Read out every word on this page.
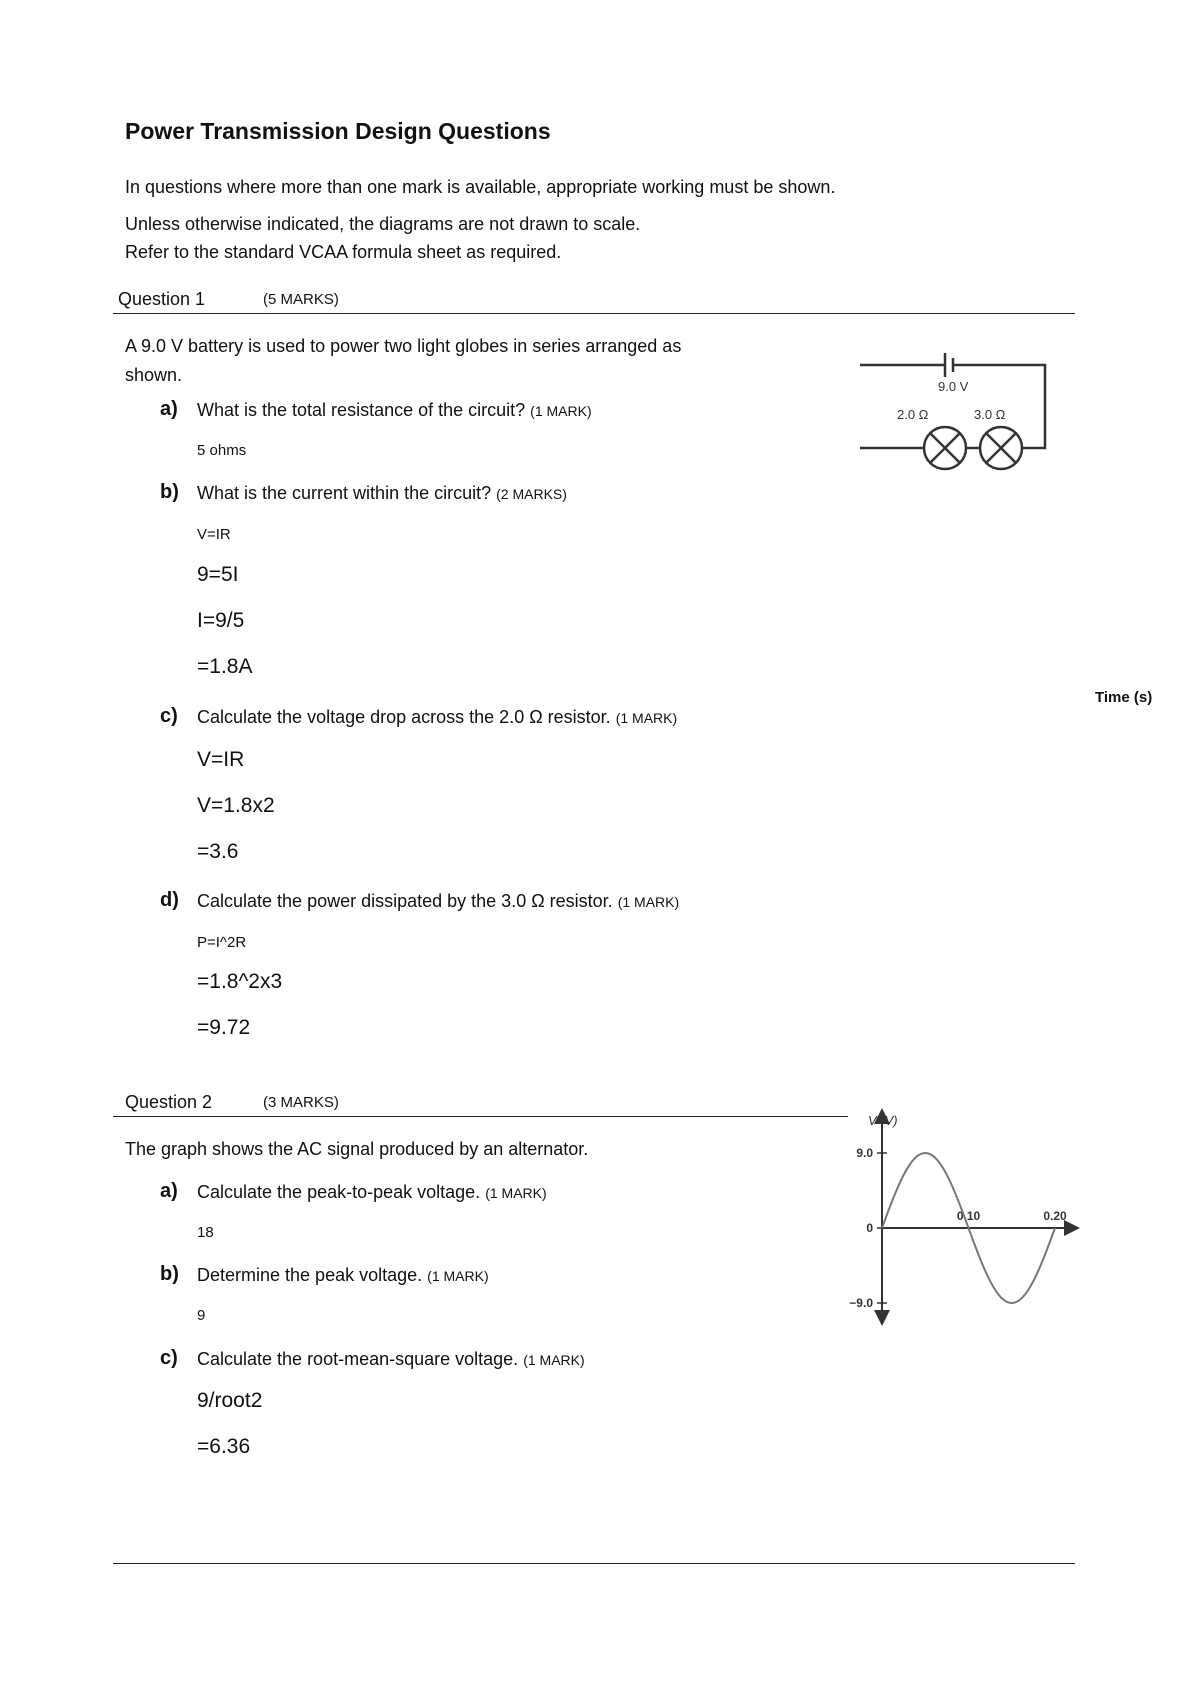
Power Transmission Design Questions
In questions where more than one mark is available, appropriate working must be shown.
Unless otherwise indicated, the diagrams are not drawn to scale.
Refer to the standard VCAA formula sheet as required.
Question 1	(5 MARKS)
A 9.0 V battery is used to power two light globes in series arranged as
shown.
a) What is the total resistance of the circuit? (1 MARK)
5 ohms
b) What is the current within the circuit? (2 MARKS)
V=IR
9=5I
I=9/5
=1.8A
c) Calculate the voltage drop across the 2.0 Ω resistor. (1 MARK)
V=IR
V=1.8x2
=3.6
d) Calculate the power dissipated by the 3.0 Ω resistor. (1 MARK)
P=I^2R
=1.8^2x3
=9.72
9.0 V
2.0 Ω	3.0 Ω
Time (s)
Question 2	(3 MARKS)
The graph shows the AC signal produced by an alternator.
a) Calculate the peak-to-peak voltage. (1 MARK)
18
b) Determine the peak voltage. (1 MARK)
9
c) Calculate the root-mean-square voltage. (1 MARK)
9/root2
=6.36
V (V)
9.0
0
−9.0
0.10	0.20
